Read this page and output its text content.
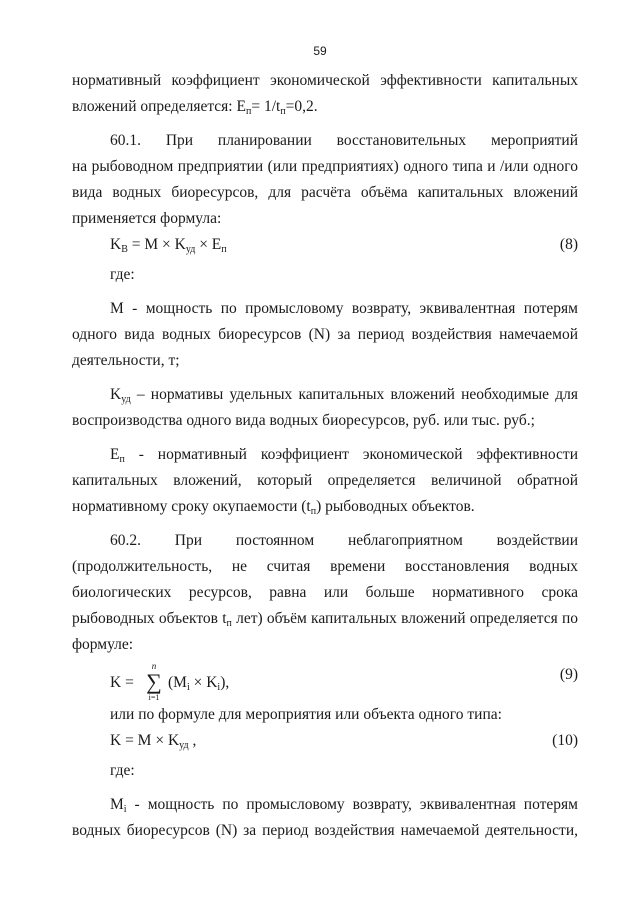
59
нормативный коэффициент экономической эффективности капитальных
вложений определяется: $E_п= 1/t_п=0,2$.
60.1. При планировании восстановительных мероприятий
на рыбоводном предприятии (или предприятиях) одного типа и /или одного
вида водных биоресурсов, для расчёта объёма капитальных вложений
применяется формула:
$K_В = M \times K_{уд} \times E_п$	(8)
где:
М - мощность по промысловому возврату, эквивалентная потерям
одного вида водных биоресурсов (N) за период воздействия намечаемой
деятельности, т;
$K_{уд}$ – нормативы удельных капитальных вложений необходимые для
воспроизводства одного вида водных биоресурсов, руб. или тыс. руб.;
$E_п$ - нормативный коэффициент экономической эффективности
капитальных вложений, который определяется величиной обратной
нормативному сроку окупаемости $(t_п)$ рыбоводных объектов.
60.2. При постоянном неблагоприятном воздействии
(продолжительность, не считая времени восстановления водных
биологических ресурсов, равна или больше нормативного срока
рыбоводных объектов $t_п$ лет) объём капитальных вложений определяется по
формуле:
K =
n
∑
i=1
$(M_i \times K_i)$,	(9)
или по формуле для мероприятия или объекта одного типа:
$K = M \times K_{уд}$ ,	(10)
где:
$M_i$ - мощность по промысловому возврату, эквивалентная потерям
водных биоресурсов (N) за период воздействия намечаемой деятельности,
